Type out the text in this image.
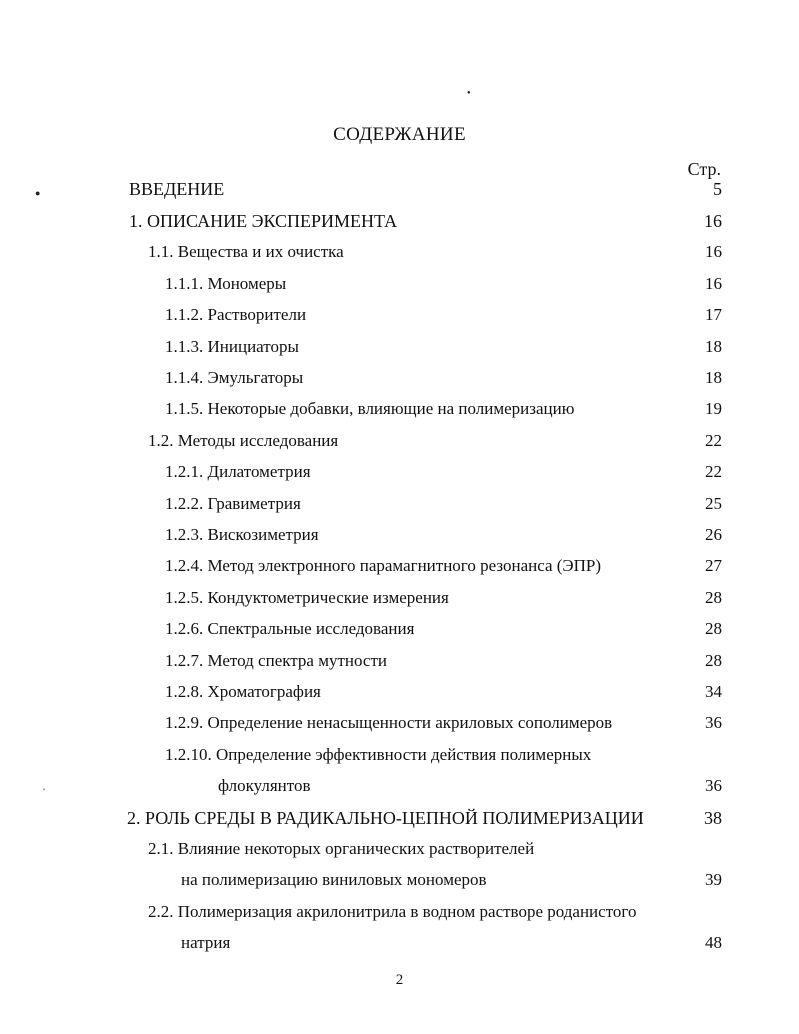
СОДЕРЖАНИЕ
Стр.
ВВЕДЕНИЕ	5
1. ОПИСАНИЕ ЭКСПЕРИМЕНТА	16
1.1. Вещества и их очистка	16
1.1.1. Мономеры	16
1.1.2. Растворители	17
1.1.3. Инициаторы	18
1.1.4. Эмульгаторы	18
1.1.5. Некоторые добавки, влияющие на полимеризацию	19
1.2. Методы исследования	22
1.2.1. Дилатометрия	22
1.2.2. Гравиметрия	25
1.2.3. Вискозиметрия	26
1.2.4. Метод электронного парамагнитного резонанса (ЭПР)	27
1.2.5. Кондуктометрические измерения	28
1.2.6. Спектральные исследования	28
1.2.7. Метод спектра мутности	28
1.2.8. Хроматография	34
1.2.9. Определение ненасыщенности акриловых сополимеров	36
1.2.10. Определение эффективности действия полимерных
флокулянтов	36
2. РОЛЬ СРЕДЫ В РАДИКАЛЬНО-ЦЕПНОЙ ПОЛИМЕРИЗАЦИИ	38
2.1. Влияние некоторых органических растворителей
на полимеризацию виниловых мономеров	39
2.2. Полимеризация акрилонитрила в водном растворе роданистого
натрия	48
2
●
●
